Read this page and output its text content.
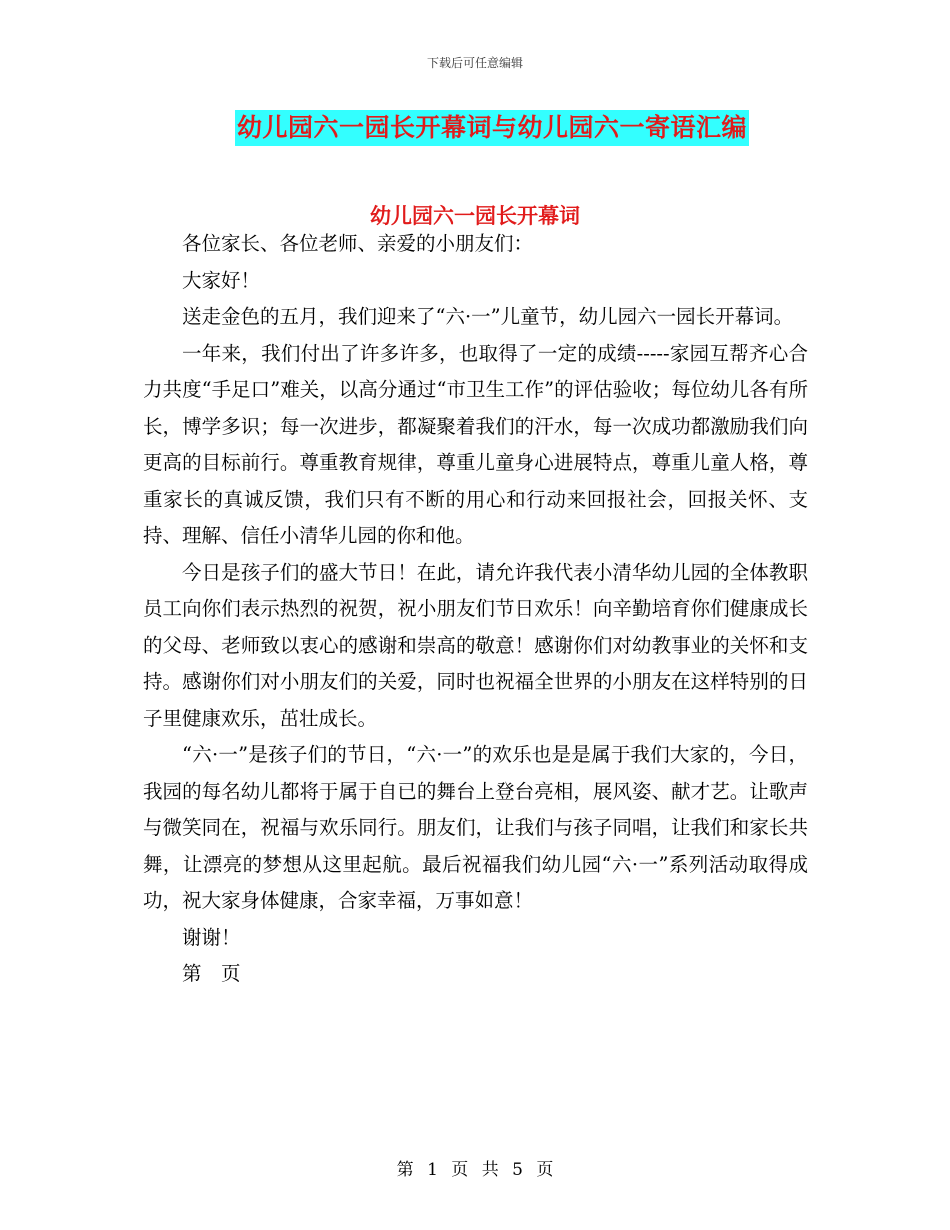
下载后可任意编辑
幼儿园六一园长开幕词与幼儿园六一寄语汇编
幼儿园六一园长开幕词

各位家长、各位老师、亲爱的小朋友们：

大家好！

送走金色的五月，我们迎来了“六·一”儿童节，幼儿园六一园长开幕词。

一年来，我们付出了许多许多，也取得了一定的成绩-----家园互帮齐心合力共度“手足口”难关，以高分通过“市卫生工作”的评估验收；每位幼儿各有所长，博学多识；每一次进步，都凝聚着我们的汗水，每一次成功都激励我们向更高的目标前行。尊重教育规律，尊重儿童身心进展特点，尊重儿童人格，尊重家长的真诚反馈，我们只有不断的用心和行动来回报社会，回报关怀、支持、理解、信任小清华儿园的你和他。

今日是孩子们的盛大节日！在此，请允许我代表小清华幼儿园的全体教职员工向你们表示热烈的祝贺，祝小朋友们节日欢乐！向辛勤培育你们健康成长的父母、老师致以衷心的感谢和崇高的敬意！感谢你们对幼教事业的关怀和支持。感谢你们对小朋友们的关爱，同时也祝福全世界的小朋友在这样特别的日子里健康欢乐，茁壮成长。

“六·一”是孩子们的节日，“六·一”的欢乐也是是属于我们大家的，今日，我园的每名幼儿都将于属于自已的舞台上登台亮相，展风姿、献才艺。让歌声与微笑同在，祝福与欢乐同行。朋友们，让我们与孩子同唱，让我们和家长共舞，让漂亮的梦想从这里起航。最后祝福我们幼儿园“六·一”系列活动取得成功，祝大家身体健康，合家幸福，万事如意！

谢谢！

第　页

第 1 页 共 5 页
